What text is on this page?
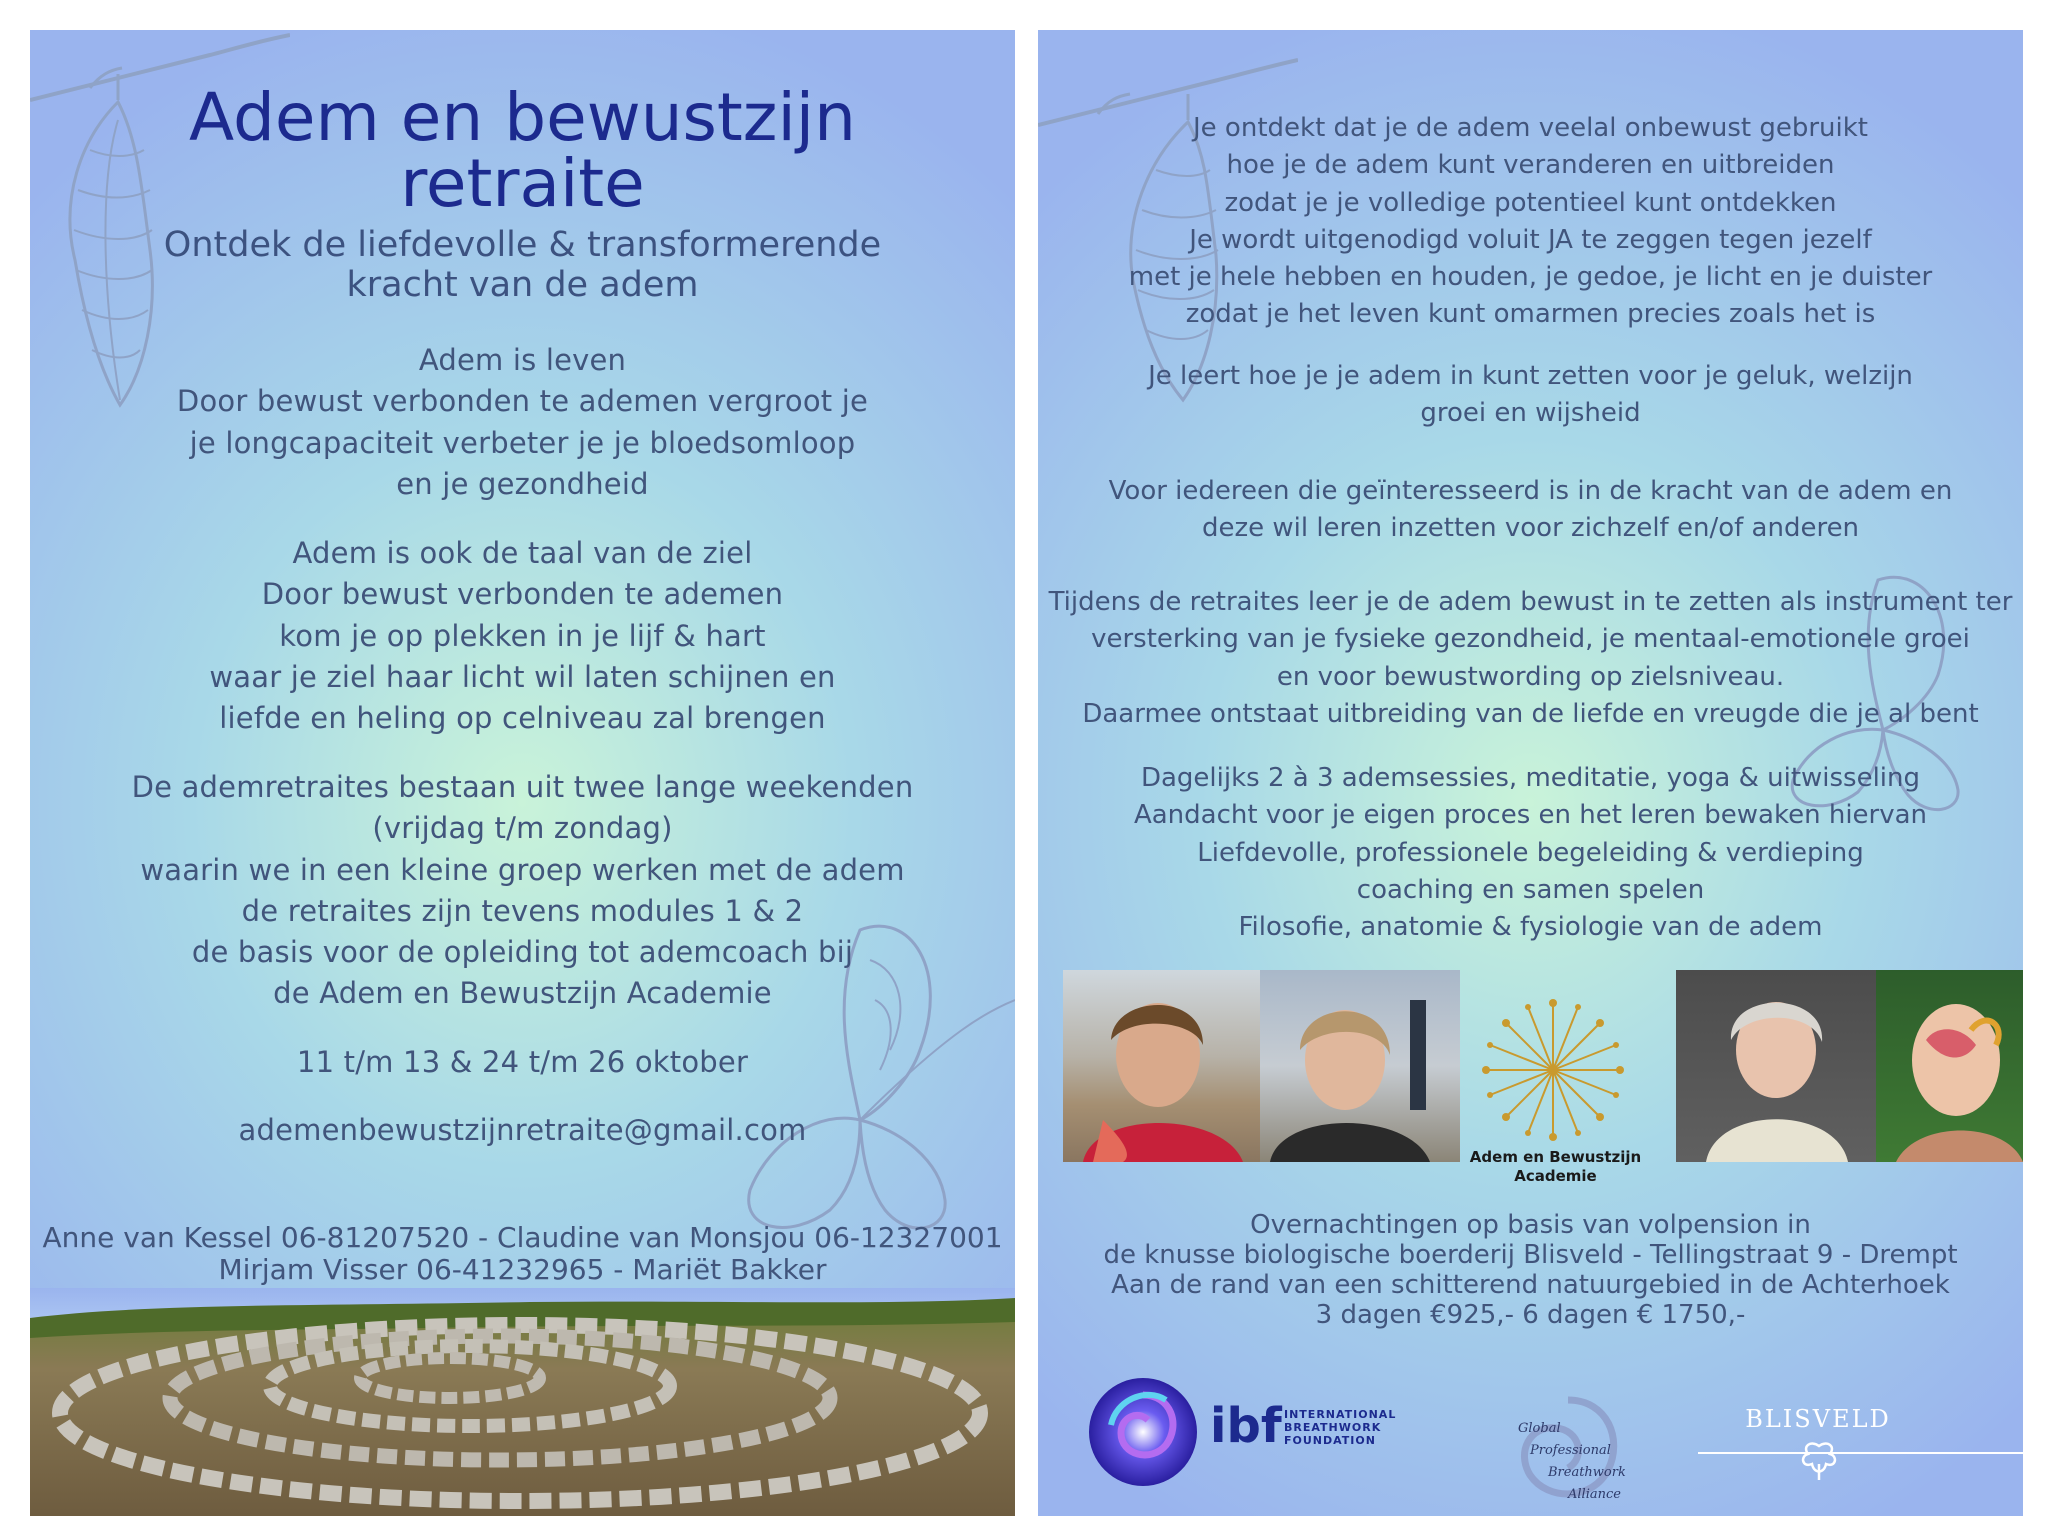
Adem en bewustzijn
retraite
Ontdek de liefdevolle & transformerende
kracht van de adem
Adem is leven
Door bewust verbonden te ademen vergroot je
je longcapaciteit verbeter je je bloedsomloop
en je gezondheid
Adem is ook de taal van de ziel
Door bewust verbonden te ademen
kom je op plekken in je lijf & hart
waar je ziel haar licht wil laten schijnen en
liefde en heling op celniveau zal brengen
De ademretraites bestaan uit twee lange weekenden
(vrijdag t/m zondag)
waarin we in een kleine groep werken met de adem
de retraites zijn tevens modules 1 & 2
de basis voor de opleiding tot ademcoach bij
de Adem en Bewustzijn Academie
11 t/m 13 & 24 t/m 26 oktober
ademenbewustzijnretraite@gmail.com
Anne van Kessel 06-81207520 - Claudine van Monsjou 06-12327001
Mirjam Visser 06-41232965 - Mariët Bakker
Je ontdekt dat je de adem veelal onbewust gebruikt
hoe je de adem kunt veranderen en uitbreiden
zodat je je volledige potentieel kunt ontdekken
Je wordt uitgenodigd voluit JA te zeggen tegen jezelf
met je hele hebben en houden, je gedoe, je licht en je duister
zodat je het leven kunt omarmen precies zoals het is
Je leert hoe je je adem in kunt zetten voor je geluk, welzijn
groei en wijsheid
Voor iedereen die geïnteresseerd is in de kracht van de adem en
deze wil leren inzetten voor zichzelf en/of anderen
Tijdens de retraites leer je de adem bewust in te zetten als instrument ter
versterking van je fysieke gezondheid, je mentaal-emotionele groei
en voor bewustwording op zielsniveau.
Daarmee ontstaat uitbreiding van de liefde en vreugde die je al bent
Dagelijks 2 à 3 ademsessies, meditatie, yoga & uitwisseling
Aandacht voor je eigen proces en het leren bewaken hiervan
Liefdevolle, professionele begeleiding & verdieping
coaching en samen spelen
Filosofie, anatomie & fysiologie van de adem
Adem en Bewustzijn
Academie
Overnachtingen op basis van volpension in
de knusse biologische boerderij Blisveld - Tellingstraat 9 - Drempt
Aan de rand van een schitterend natuurgebied in de Achterhoek
3 dagen €925,- 6 dagen € 1750,-
ibf INTERNATIONAL
BREATHWORK
FOUNDATION
Global
Professional
Breathwork
Alliance
BLISVELD
